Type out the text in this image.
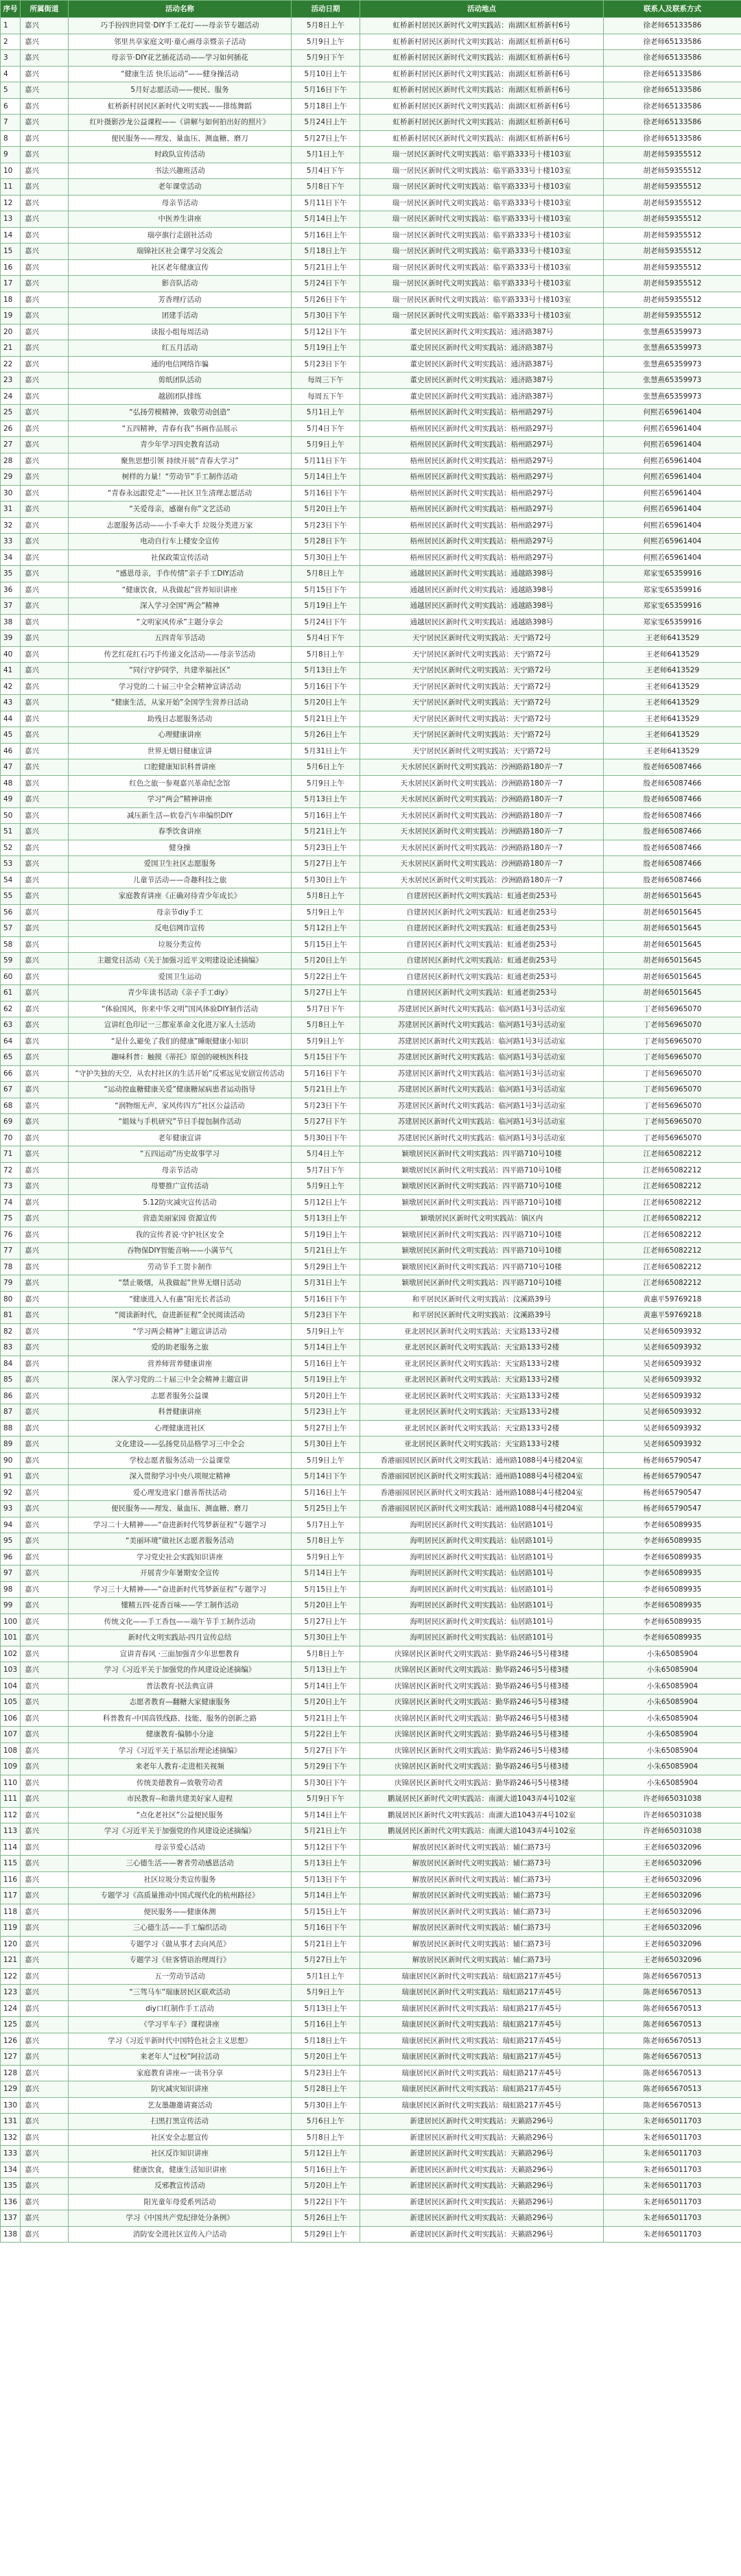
序号	所属街道	活动名称	活动日期	活动地点	联系人及联系方式
1	嘉兴	巧手扮四世同堂·DIY手工花灯——母亲节专题活动	5月8日上午	虹桥新村居民区新时代文明实践站：南湖区虹桥新村6号	徐老师65133586
2	嘉兴	邻里共享家庭文明·童心画母亲暨亲子活动	5月9日上午	虹桥新村居民区新时代文明实践站：南湖区虹桥新村6号	徐老师65133586
3	嘉兴	母亲节·DIY花艺插花活动——学习如何插花	5月9日下午	虹桥新村居民区新时代文明实践站：南湖区虹桥新村6号	徐老师65133586
4	嘉兴	“健康生活 快乐运动”——健身操活动	5月10日上午	虹桥新村居民区新时代文明实践站：南湖区虹桥新村6号	徐老师65133586
5	嘉兴	5月好志愿活动——便民、服务	5月16日下午	虹桥新村居民区新时代文明实践站：南湖区虹桥新村6号	徐老师65133586
6	嘉兴	虹桥新村居民区新时代文明实践——排练舞蹈	5月18日上午	虹桥新村居民区新时代文明实践站：南湖区虹桥新村6号	徐老师65133586
7	嘉兴	红叶摄影沙龙公益课程——《讲解与如何拍出好的照片》	5月24日上午	虹桥新村居民区新时代文明实践站：南湖区虹桥新村6号	徐老师65133586
8	嘉兴	便民服务——理发、量血压、测血糖、磨刀	5月27日上午	虹桥新村居民区新时代文明实践站：南湖区虹桥新村6号	徐老师65133586
9	嘉兴	时政队宣传活动	5月1日上午	瑞一居民区新时代文明实践站：临平路333号十楼103室	胡老师59355512
10	嘉兴	书法兴趣班活动	5月4日下午	瑞一居民区新时代文明实践站：临平路333号十楼103室	胡老师59355512
11	嘉兴	老年课堂活动	5月8日下午	瑞一居民区新时代文明实践站：临平路333号十楼103室	胡老师59355512
12	嘉兴	母亲节活动	5月11日下午	瑞一居民区新时代文明实践站：临平路333号十楼103室	胡老师59355512
13	嘉兴	中医养生讲座	5月14日上午	瑞一居民区新时代文明实践站：临平路333号十楼103室	胡老师59355512
14	嘉兴	瑞亭旗行走剧社活动	5月16日上午	瑞一居民区新时代文明实践站：临平路333号十楼103室	胡老师59355512
15	嘉兴	瑞锦社区社会课学习交流会	5月18日上午	瑞一居民区新时代文明实践站：临平路333号十楼103室	胡老师59355512
16	嘉兴	社区老年健康宣传	5月21日上午	瑞一居民区新时代文明实践站：临平路333号十楼103室	胡老师59355512
17	嘉兴	影音队活动	5月24日下午	瑞一居民区新时代文明实践站：临平路333号十楼103室	胡老师59355512
18	嘉兴	芳香理疗活动	5月26日下午	瑞一居民区新时代文明实践站：临平路333号十楼103室	胡老师59355512
19	嘉兴	团建手活动	5月30日下午	瑞一居民区新时代文明实践站：临平路333号十楼103室	胡老师59355512
20	嘉兴	读报小组每周活动	5月12日下午	董史居民区新时代文明实践站：通济路387号	张慧燕65359973
21	嘉兴	红五月活动	5月19日上午	董史居民区新时代文明实践站：通济路387号	张慧燕65359973
22	嘉兴	通的电信网络诈骗	5月23日下午	董史居民区新时代文明实践站：通济路387号	张慧燕65359973
23	嘉兴	剪纸团队活动	每周三下午	董史居民区新时代文明实践站：通济路387号	张慧燕65359973
24	嘉兴	越剧团队排练	每周五下午	董史居民区新时代文明实践站：通济路387号	张慧燕65359973
25	嘉兴	“弘扬劳模精神，致敬劳动创造”	5月1日上午	梧州居民区新时代文明实践站：梧州路297号	何熙若65961404
26	嘉兴	“五四精神，青春有我”书画作品展示	5月4日下午	梧州居民区新时代文明实践站：梧州路297号	何熙若65961404
27	嘉兴	青少年学习四史教育活动	5月9日上午	梧州居民区新时代文明实践站：梧州路297号	何熙若65961404
28	嘉兴	聚焦思想引领 持续开展“青春大学习”	5月11日下午	梧州居民区新时代文明实践站：梧州路297号	何熙若65961404
29	嘉兴	树样的力量！“劳动节”手工制作活动	5月14日上午	梧州居民区新时代文明实践站：梧州路297号	何熙若65961404
30	嘉兴	“青春永远跟党走”——社区卫生清理志愿活动	5月16日下午	梧州居民区新时代文明实践站：梧州路297号	何熙若65961404
31	嘉兴	“关爱母亲，感谢有你”文艺活动	5月20日上午	梧州居民区新时代文明实践站：梧州路297号	何熙若65961404
32	嘉兴	志愿服务活动——小手牵大手 垃圾分类进万家	5月23日下午	梧州居民区新时代文明实践站：梧州路297号	何熙若65961404
33	嘉兴	电动自行车上楼安全宣传	5月28日下午	梧州居民区新时代文明实践站：梧州路297号	何熙若65961404
34	嘉兴	社保政策宣传活动	5月30日上午	梧州居民区新时代文明实践站：梧州路297号	何熙若65961404
35	嘉兴	“感恩母亲，手作传情”亲子手工DIY活动	5月8日上午	通越居民区新时代文明实践站：通越路398号	郑家雯65359916
36	嘉兴	“健康饮食，从我做起”营养知识讲座	5月15日下午	通越居民区新时代文明实践站：通越路398号	郑家雯65359916
37	嘉兴	深入学习全国“两会”精神	5月19日上午	通越居民区新时代文明实践站：通越路398号	郑家雯65359916
38	嘉兴	“文明家风传承”主题分享会	5月24日下午	通越居民区新时代文明实践站：通越路398号	郑家雯65359916
39	嘉兴	五四青年节活动	5月4日下午	天宁居民区新时代文明实践站：天宁路72号	王老师6413529
40	嘉兴	传艺红花红石巧手传递文化活动——母亲节活动	5月8日上午	天宁居民区新时代文明实践站：天宁路72号	王老师6413529
41	嘉兴	“同行守护同学，共建幸福社区”	5月13日上午	天宁居民区新时代文明实践站：天宁路72号	王老师6413529
42	嘉兴	学习党的二十届三中全会精神宣讲活动	5月16日下午	天宁居民区新时代文明实践站：天宁路72号	王老师6413529
43	嘉兴	“健康生活，从家开始”全国学生营养日活动	5月20日上午	天宁居民区新时代文明实践站：天宁路72号	王老师6413529
44	嘉兴	助残日志愿服务活动	5月21日上午	天宁居民区新时代文明实践站：天宁路72号	王老师6413529
45	嘉兴	心理健康讲座	5月26日上午	天宁居民区新时代文明实践站：天宁路72号	王老师6413529
46	嘉兴	世界无烟日健康宣讲	5月31日上午	天宁居民区新时代文明实践站：天宁路72号	王老师6413529
47	嘉兴	口腔健康知识科普讲座	5月6日上午	天水居民区新时代文明实践站：沙洲路路180弄一7	殷老师65087466
48	嘉兴	红色之旅一参观嘉兴革命纪念馆	5月9日上午	天水居民区新时代文明实践站：沙洲路路180弄一7	殷老师65087466
49	嘉兴	学习“两会”精神讲座	5月13日上午	天水居民区新时代文明实践站：沙洲路路180弄一7	殷老师65087466
50	嘉兴	减压新生活—软卷汽车串编织DIY	5月16日上午	天水居民区新时代文明实践站：沙洲路路180弄一7	殷老师65087466
51	嘉兴	春季饮食讲座	5月21日上午	天水居民区新时代文明实践站：沙洲路路180弄一7	殷老师65087466
52	嘉兴	健身操	5月23日上午	天水居民区新时代文明实践站：沙洲路路180弄一7	殷老师65087466
53	嘉兴	爱国卫生社区志愿服务	5月27日上午	天水居民区新时代文明实践站：沙洲路路180弄一7	殷老师65087466
54	嘉兴	儿童节活动——奇趣科技之旅	5月30日上午	天水居民区新时代文明实践站：沙洲路路180弄一7	殷老师65087466
55	嘉兴	家庭教育讲座《正确对待青少年成长》	5月8日上午	自建居民区新时代文明实践站：虹通老街253号	胡老师65015645
56	嘉兴	母亲节diy手工	5月9日上午	自建居民区新时代文明实践站：虹通老街253号	胡老师65015645
57	嘉兴	反电信网诈宣传	5月12日上午	自建居民区新时代文明实践站：虹通老街253号	胡老师65015645
58	嘉兴	垃圾分类宣传	5月15日上午	自建居民区新时代文明实践站：虹通老街253号	胡老师65015645
59	嘉兴	主题党日活动《关于加强习近平文明建设论述摘编》	5月20日上午	自建居民区新时代文明实践站：虹通老街253号	胡老师65015645
60	嘉兴	爱国卫生运动	5月22日上午	自建居民区新时代文明实践站：虹通老街253号	胡老师65015645
61	嘉兴	青少年读书活动《亲子手工diy》	5月27日上午	自建居民区新时代文明实践站：虹通老街253号	胡老师65015645
62	嘉兴	“体验国风，你来中华文明”国风体验DIY制作活动	5月7日下午	苏建居民区新时代文明实践站：临河路1号3号活动室	丁老师56965070
63	嘉兴	宣讲红色印记一三都室革命文化进万家人士活动	5月8日上午	苏建居民区新时代文明实践站：临河路1号3号活动室	丁老师56965070
64	嘉兴	“是什么避免了我们的健康”睡眠健康小知识	5月9日上午	苏建居民区新时代文明实践站：临河路1号3号活动室	丁老师56965070
65	嘉兴	趣味科普：触摸《蒂托》原创的硬核医科技	5月15日下午	苏建居民区新时代文明实践站：临河路1号3号活动室	丁老师56965070
66	嘉兴	“守护失独的天空，从农村社区的生活开始”反邪远见安剧宣传活动	5月16日下午	苏建居民区新时代文明实践站：临河路1号3号活动室	丁老师56965070
67	嘉兴	“运动控血糖健康关爱”健康糖尿病患者运动指导	5月21日上午	苏建居民区新时代文明实践站：临河路1号3号活动室	丁老师56965070
68	嘉兴	“润物细无声，家风传四方”社区公益活动	5月23日下午	苏建居民区新时代文明实践站：临河路1号3号活动室	丁老师56965070
69	嘉兴	“姐妹与手机研究”节日手提包制作活动	5月27日下午	苏建居民区新时代文明实践站：临河路1号3号活动室	丁老师56965070
70	嘉兴	老年健康宣讲	5月30日下午	苏建居民区新时代文明实践站：临河路1号3号活动室	丁老师56965070
71	嘉兴	“五四运动”历史故事学习	5月4日上午	颖墩居民区新时代文明实践站：四平路710号10楼	江老师65082212
72	嘉兴	母亲节活动	5月7日下午	颖墩居民区新时代文明实践站：四平路710号10楼	江老师65082212
73	嘉兴	母婴推广宣传活动	5月9日上午	颖墩居民区新时代文明实践站：四平路710号10楼	江老师65082212
74	嘉兴	5.12防灾减灾宣传活动	5月12日上午	颖墩居民区新时代文明实践站：四平路710号10楼	江老师65082212
75	嘉兴	营造美丽家园 资源宣传	5月13日上午	颖墩居民区新时代文明实践站：镇区内	江老师65082212
76	嘉兴	我的宣传者说·守护社区安全	5月19日上午	颖墩居民区新时代文明实践站：四平路710号10楼	江老师65082212
77	嘉兴	吞物保DIY智能音响——小满节气	5月21日上午	颖墩居民区新时代文明实践站：四平路710号10楼	江老师65082212
78	嘉兴	劳动节手工贺卡制作	5月29日上午	颖墩居民区新时代文明实践站：四平路710号10楼	江老师65082212
79	嘉兴	“禁止吸烟，从我做起”世界无烟日活动	5月31日上午	颖墩居民区新时代文明实践站：四平路710号10楼	江老师65082212
80	嘉兴	“健康进入人有惠”阳光长者活动	5月16日下午	和平居民区新时代文明实践站：汶溪路39号	黄惠平59769218
81	嘉兴	“阅读新时代，奋进新征程”全民阅读活动	5月23日下午	和平居民区新时代文明实践站：汶溪路39号	黄惠平59769218
82	嘉兴	“学习两会精神”主题宣讲活动	5月9日上午	亚北居民区新时代文明实践站：天宝路133号2楼	吴老师65093932
83	嘉兴	爱的助老服务之旅	5月14日上午	亚北居民区新时代文明实践站：天宝路133号2楼	吴老师65093932
84	嘉兴	营养师营养健康讲座	5月16日上午	亚北居民区新时代文明实践站：天宝路133号2楼	吴老师65093932
85	嘉兴	深入学习党的二十届三中全会精神主题宣讲	5月19日上午	亚北居民区新时代文明实践站：天宝路133号2楼	吴老师65093932
86	嘉兴	志愿者服务公益课	5月20日上午	亚北居民区新时代文明实践站：天宝路133号2楼	吴老师65093932
87	嘉兴	科普健康讲座	5月23日上午	亚北居民区新时代文明实践站：天宝路133号2楼	吴老师65093932
88	嘉兴	心理健康进社区	5月27日上午	亚北居民区新时代文明实践站：天宝路133号2楼	吴老师65093932
89	嘉兴	文化建设——弘扬党员品格学习三中全会	5月30日上午	亚北居民区新时代文明实践站：天宝路133号2楼	吴老师65093932
90	嘉兴	学校志愿者服务活动一公益课堂	5月9日上午	香港丽园居民区新时代文明实践站：通州路1088号4号楼204室	杨老师65790547
91	嘉兴	深入贯彻学习中央八项规定精神	5月14日下午	香港丽园居民区新时代文明实践站：通州路1088号4号楼204室	杨老师65790547
92	嘉兴	爱心理发进家门慈善帮扶活动	5月16日上午	香港丽园居民区新时代文明实践站：通州路1088号4号楼204室	杨老师65790547
93	嘉兴	便民服务——理发、量血压、测血糖、磨刀	5月25日上午	香港丽园居民区新时代文明实践站：通州路1088号4号楼204室	杨老师65790547
94	嘉兴	学习二十大精神——“奋进新时代笃梦新征程”专题学习	5月7日上午	海明居民区新时代文明实践站：仙居路101号	李老师65089935
95	嘉兴	“美丽环境”做社区志愿者服务活动	5月8日上午	海明居民区新时代文明实践站：仙居路101号	李老师65089935
96	嘉兴	学习党史社会实践知识讲座	5月9日上午	海明居民区新时代文明实践站：仙居路101号	李老师65089935
97	嘉兴	开展青少年暑期安全宣传	5月14日上午	海明居民区新时代文明实践站：仙居路101号	李老师65089935
98	嘉兴	学习三十大精神——“奋进新时代笃梦新征程”专题学习	5月15日上午	海明居民区新时代文明实践站：仙居路101号	李老师65089935
99	嘉兴	懂精五四·花香百味——学工制作活动	5月20日上午	海明居民区新时代文明实践站：仙居路101号	李老师65089935
100	嘉兴	传统文化——手工香包——端午节手工制作活动	5月27日上午	海明居民区新时代文明实践站：仙居路101号	李老师65089935
101	嘉兴	新时代文明实践站-四月宣传总结	5月30日上午	海明居民区新时代文明实践站：仙居路101号	李老师65089935
102	嘉兴	宣讲青春风 ·三面加强青少年思想教育	5月8日上午	庆锦居民区新时代文明实践站：勤华路246号5号楼3楼	小朱65085904
103	嘉兴	学习《习近平关于加强党的作风建设论述摘编》	5月13日上午	庆锦居民区新时代文明实践站：勤华路246号5号楼3楼	小朱65085904
104	嘉兴	普法教育-民法典宣讲	5月14日上午	庆锦居民区新时代文明实践站：勤华路246号5号楼3楼	小朱65085904
105	嘉兴	志愿者教育—翻糖大家健康服务	5月20日上午	庆锦居民区新时代文明实践站：勤华路246号5号楼3楼	小朱65085904
106	嘉兴	科普教育-中国高铁线路、技能、服务的创新之路	5月21日上午	庆锦居民区新时代文明实践站：勤华路246号5号楼3楼	小朱65085904
107	嘉兴	健康教育-偏肺小分途	5月22日上午	庆锦居民区新时代文明实践站：勤华路246号5号楼3楼	小朱65085904
108	嘉兴	学习《习近平关于基层治理论述摘编》	5月27日下午	庆锦居民区新时代文明实践站：勤华路246号5号楼3楼	小朱65085904
109	嘉兴	来老年人教育-走进相关视频	5月29日下午	庆锦居民区新时代文明实践站：勤华路246号5号楼3楼	小朱65085904
110	嘉兴	传统美德教育—致敬劳动者	5月30日下午	庆锦居民区新时代文明实践站：勤华路246号5号楼3楼	小朱65085904
111	嘉兴	市民教育--和谐共建美好家人迎程	5月9日下午	鹏晟居民区新时代文明实践站：南湖大道1043弄4号102室	许老师65031038
112	嘉兴	“点化老社区”公益便民服务	5月14日上午	鹏晟居民区新时代文明实践站：南湖大道1043弄4号102室	许老师65031038
113	嘉兴	学习《习近平关于加强党的作风建设论述摘编》	5月21日上午	鹏晟居民区新时代文明实践站：南湖大道1043弄4号102室	许老师65031038
114	嘉兴	母亲节爱心活动	5月12日下午	解放居民区新时代文明实践站：辅仁路73号	王老师65032096
115	嘉兴	三心德生活——奢者劳动感恩活动	5月13日上午	解放居民区新时代文明实践站：辅仁路73号	王老师65032096
116	嘉兴	社区垃圾分类宣传服务	5月13日下午	解放居民区新时代文明实践站：辅仁路73号	王老师65032096
117	嘉兴	专题学习《高质量推动中国式现代化的杭州路径》	5月14日上午	解放居民区新时代文明实践站：辅仁路73号	王老师65032096
118	嘉兴	便民服务——健康体测	5月15日上午	解放居民区新时代文明实践站：辅仁路73号	王老师65032096
119	嘉兴	三心德生活——手工编织活动	5月16日下午	解放居民区新时代文明实践站：辅仁路73号	王老师65032096
120	嘉兴	专题学习《做从事才去向风范》	5月21日上午	解放居民区新时代文明实践站：辅仁路73号	王老师65032096
121	嘉兴	专题学习《驻客情语治理周行》	5月27日上午	解放居民区新时代文明实践站：辅仁路73号	王老师65032096
122	嘉兴	五一劳动节活动	5月1日上午	瑞康居民区新时代文明实践站：瑞虹路217弄45号	陈老师65670513
123	嘉兴	“三驾马车”瑞康居民区联欢活动	5月9日上午	瑞康居民区新时代文明实践站：瑞虹路217弄45号	陈老师65670513
124	嘉兴	diy口红制作手工活动	5月13日上午	瑞康居民区新时代文明实践站：瑞虹路217弄45号	陈老师65670513
125	嘉兴	《学习平车子》课程讲座	5月16日上午	瑞康居民区新时代文明实践站：瑞虹路217弄45号	陈老师65670513
126	嘉兴	学习《习近平新时代中国特色社会主义思想》	5月18日上午	瑞康居民区新时代文明实践站：瑞虹路217弄45号	陈老师65670513
127	嘉兴	来老年人“过校”阿拉活动	5月20日上午	瑞康居民区新时代文明实践站：瑞虹路217弄45号	陈老师65670513
128	嘉兴	家庭教育讲座—一读书分享	5月23日上午	瑞康居民区新时代文明实践站：瑞虹路217弄45号	陈老师65670513
129	嘉兴	防灾减灾知识讲座	5月28日上午	瑞康居民区新时代文明实践站：瑞虹路217弄45号	陈老师65670513
130	嘉兴	艺友墨趣邀请赛活动	5月30日上午	瑞康居民区新时代文明实践站：瑞虹路217弄45号	陈老师65670513
131	嘉兴	扫黑打黑宣传活动	5月6日上午	新建居民区新时代文明实践站：天籁路296号	朱老师65011703
132	嘉兴	社区安全志愿宣传	5月8日上午	新建居民区新时代文明实践站：天籁路296号	朱老师65011703
133	嘉兴	社区反诈知识讲座	5月12日上午	新建居民区新时代文明实践站：天籁路296号	朱老师65011703
134	嘉兴	健康饮食，健康生活知识讲座	5月16日上午	新建居民区新时代文明实践站：天籁路296号	朱老师65011703
135	嘉兴	反邪教宣传活动	5月20日上午	新建居民区新时代文明实践站：天籁路296号	朱老师65011703
136	嘉兴	阳光童年母爱系列活动	5月22日下午	新建居民区新时代文明实践站：天籁路296号	朱老师65011703
137	嘉兴	学习《中国共产党纪律处分条例》	5月26日上午	新建居民区新时代文明实践站：天籁路296号	朱老师65011703
138	嘉兴	消防安全进社区宣传入户活动	5月29日上午	新建居民区新时代文明实践站：天籁路296号	朱老师65011703
